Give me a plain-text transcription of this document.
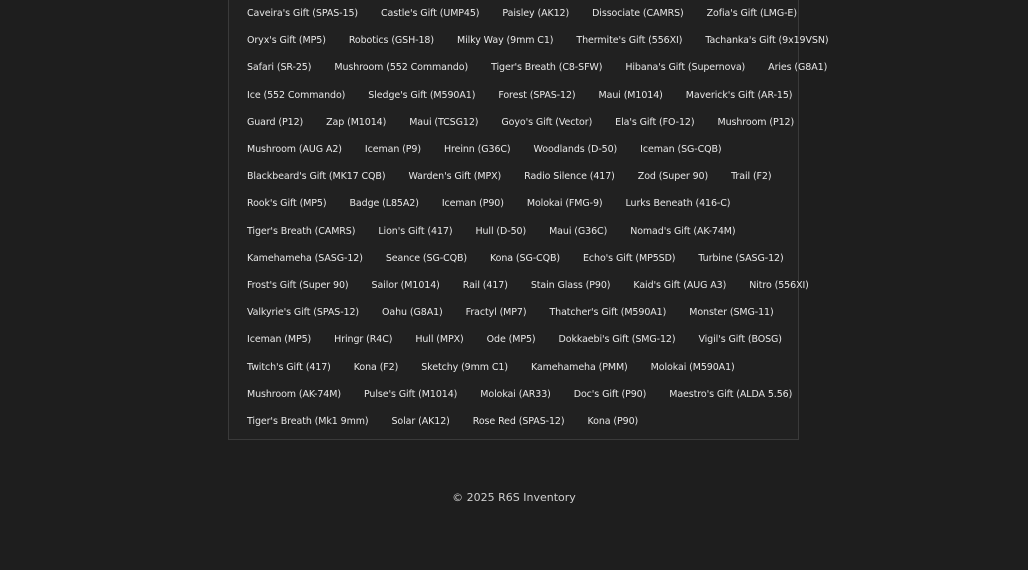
Caveira's Gift (SPAS-15) Castle's Gift (UMP45) Paisley (AK12) Dissociate (CAMRS) Zofia's Gift (LMG-E)
Oryx's Gift (MP5) Robotics (GSH-18) Milky Way (9mm C1) Thermite's Gift (556XI) Tachanka's Gift (9x19VSN)
Safari (SR-25) Mushroom (552 Commando) Tiger's Breath (C8-SFW) Hibana's Gift (Supernova) Aries (G8A1)
Ice (552 Commando) Sledge's Gift (M590A1) Forest (SPAS-12) Maui (M1014) Maverick's Gift (AR-15)
Guard (P12) Zap (M1014) Maui (TCSG12) Goyo's Gift (Vector) Ela's Gift (FO-12) Mushroom (P12)
Mushroom (AUG A2) Iceman (P9) Hreinn (G36C) Woodlands (D-50) Iceman (SG-CQB)
Blackbeard's Gift (MK17 CQB) Warden's Gift (MPX) Radio Silence (417) Zod (Super 90) Trail (F2)
Rook's Gift (MP5) Badge (L85A2) Iceman (P90) Molokai (FMG-9) Lurks Beneath (416-C)
Tiger's Breath (CAMRS) Lion's Gift (417) Hull (D-50) Maui (G36C) Nomad's Gift (AK-74M)
Kamehameha (SASG-12) Seance (SG-CQB) Kona (SG-CQB) Echo's Gift (MP5SD) Turbine (SASG-12)
Frost's Gift (Super 90) Sailor (M1014) Rail (417) Stain Glass (P90) Kaid's Gift (AUG A3) Nitro (556XI)
Valkyrie's Gift (SPAS-12) Oahu (G8A1) Fractyl (MP7) Thatcher's Gift (M590A1) Monster (SMG-11)
Iceman (MP5) Hringr (R4C) Hull (MPX) Ode (MP5) Dokkaebi's Gift (SMG-12) Vigil's Gift (BOSG)
Twitch's Gift (417) Kona (F2) Sketchy (9mm C1) Kamehameha (PMM) Molokai (M590A1)
Mushroom (AK-74M) Pulse's Gift (M1014) Molokai (AR33) Doc's Gift (P90) Maestro's Gift (ALDA 5.56)
Tiger's Breath (Mk1 9mm) Solar (AK12) Rose Red (SPAS-12) Kona (P90)
© 2025 R6S Inventory
